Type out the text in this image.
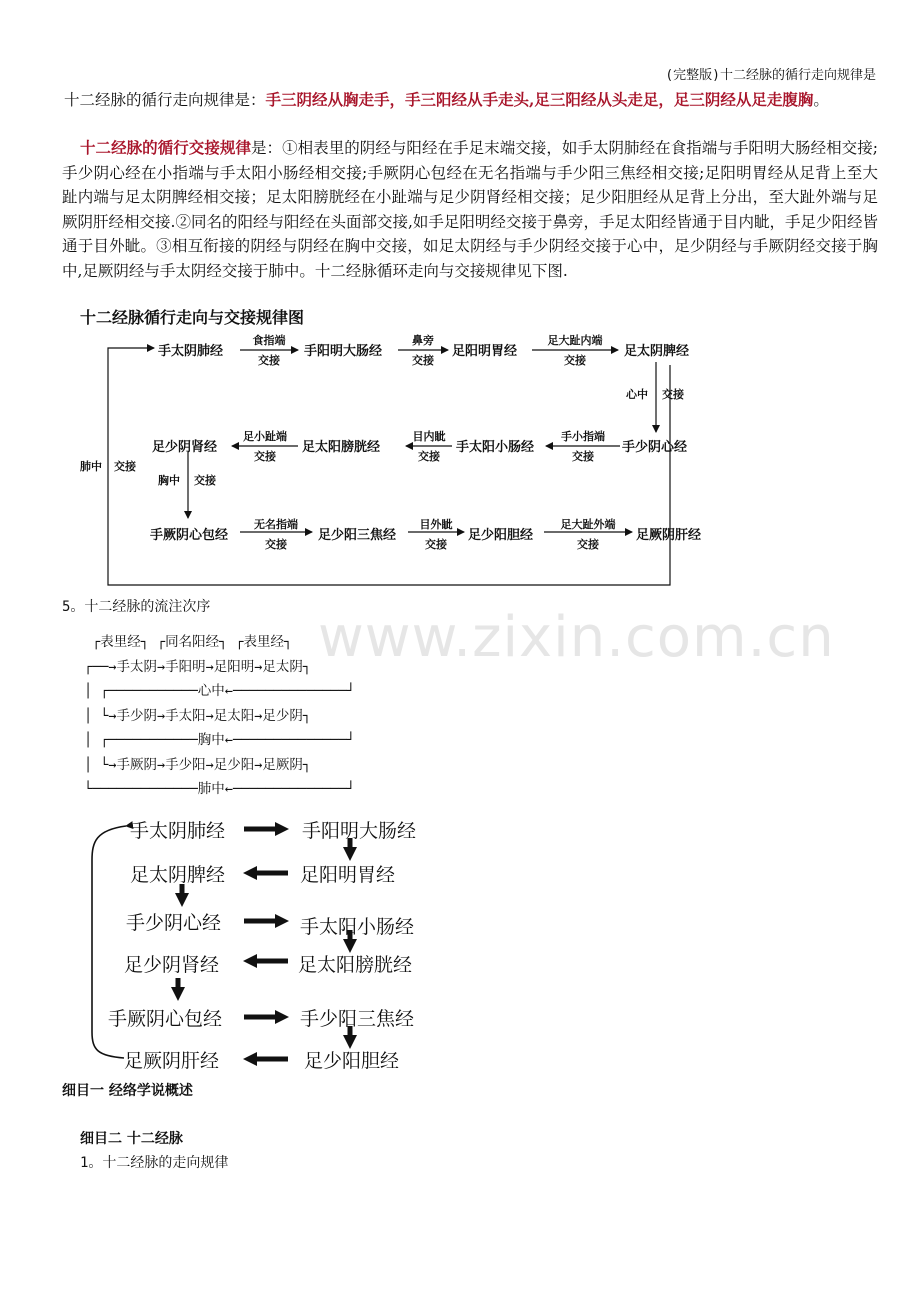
(完整版)十二经脉的循行走向规律是
十二经脉的循行走向规律是：手三阴经从胸走手，手三阳经从手走头,足三阳经从头走足，足三阴经从足走腹胸。
十二经脉的循行交接规律是：①相表里的阴经与阳经在手足末端交接，如手太阴肺经在食指端与手阳明大肠经相交接;手少阴心经在小指端与手太阳小肠经相交接;手厥阴心包经在无名指端与手少阳三焦经相交接;足阳明胃经从足背上至大趾内端与足太阴脾经相交接；足太阳膀胱经在小趾端与足少阴肾经相交接；足少阳胆经从足背上分出，至大趾外端与足厥阴肝经相交接.②同名的阳经与阳经在头面部交接,如手足阳明经交接于鼻旁，手足太阳经皆通于目内眦，手足少阳经皆通于目外眦。③相互衔接的阴经与阴经在胸中交接，如足太阴经与手少阴经交接于心中，足少阴经与手厥阴经交接于胸中,足厥阴经与手太阴经交接于肺中。十二经脉循环走向与交接规律见下图.
十二经脉循行走向与交接规律图
手太阴肺经	手阳明大肠经	足阳明胃经	足太阴脾经
食指端
交接
鼻旁
交接
足大趾内端
交接
心中 交接
足少阴肾经	足太阳膀胱经	手太阳小肠经	手少阴心经
足小趾端
交接
目内眦
交接
手小指端
交接
胸中 交接
肺中 交接
手厥阴心包经	足少阳三焦经	足少阳胆经	足厥阴肝经
无名指端
交接
目外眦
交接
足大趾外端
交接
www.zixin.com.cn
5。十二经脉的流注次序
┌表里经┐ ┌同名阳经┐ ┌表里经┐
┌──→手太阴→手阳明→足阳明→足太阴┐
│ ┌───────────心中←──────────────┘
│ └→手少阴→手太阳→足太阳→足少阴┐
│ ┌───────────胸中←──────────────┘
│ └→手厥阴→手少阳→足少阳→足厥阴┐
└─────────────肺中←──────────────┘
手太阴肺经
足太阴脾经
手少阴心经
足少阴肾经
手厥阴心包经
足厥阴肝经
手阳明大肠经
足阳明胃经
手太阳小肠经
足太阳膀胱经
手少阳三焦经
足少阳胆经
细目一 经络学说概述
细目二 十二经脉
1。十二经脉的走向规律
